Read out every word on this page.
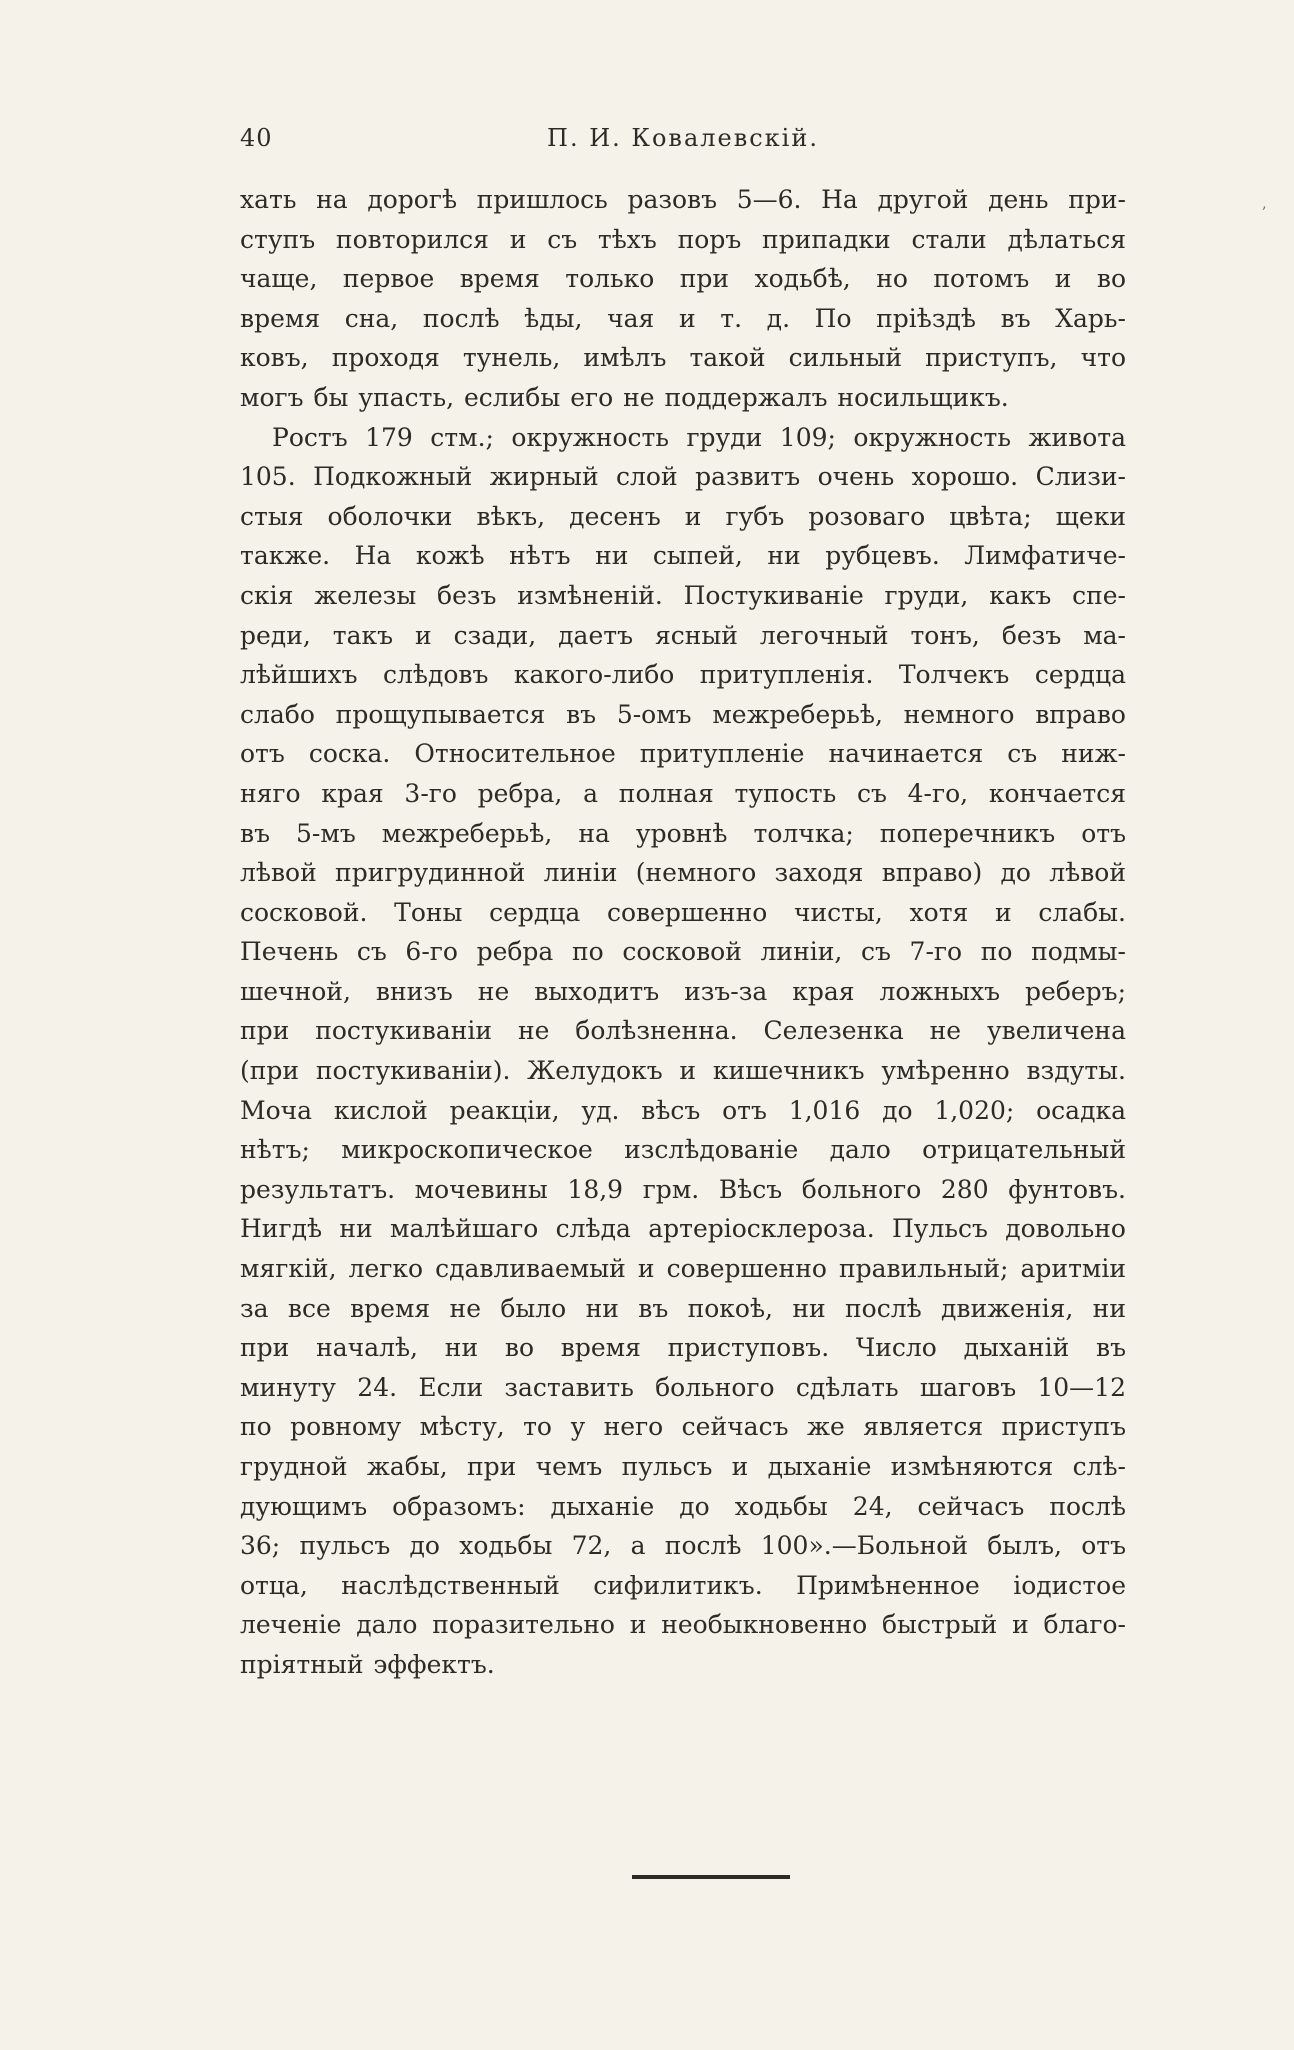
40	П. И. Ковалевскій.
‚
хать на дорогѣ пришлось разовъ 5—6. На другой день при-
ступъ повторился и съ тѣхъ поръ припадки стали дѣлаться
чаще, первое время только при ходьбѣ, но потомъ и во
время сна, послѣ ѣды, чая и т. д. По пріѣздѣ въ Харь-
ковъ, проходя тунель, имѣлъ такой сильный приступъ, что
могъ бы упасть, еслибы его не поддержалъ носильщикъ.
Ростъ 179 стм.; окружность груди 109; окружность живота
105. Подкожный жирный слой развитъ очень хорошо. Слизи-
стыя оболочки вѣкъ, десенъ и губъ розоваго цвѣта; щеки
также. На кожѣ нѣтъ ни сыпей, ни рубцевъ. Лимфатиче-
скія железы безъ измѣненій. Постукиваніе груди, какъ спе-
реди, такъ и сзади, даетъ ясный легочный тонъ, безъ ма-
лѣйшихъ слѣдовъ какого-либо притупленія. Толчекъ сердца
слабо прощупывается въ 5-омъ межреберьѣ, немного вправо
отъ соска. Относительное притупленіе начинается съ ниж-
няго края 3-го ребра, а полная тупость съ 4-го, кончается
въ 5-мъ межреберьѣ, на уровнѣ толчка; поперечникъ отъ
лѣвой пригрудинной линіи (немного заходя вправо) до лѣвой
сосковой. Тоны сердца совершенно чисты, хотя и слабы.
Печень съ 6-го ребра по сосковой линіи, съ 7-го по подмы-
шечной, внизъ не выходитъ изъ-за края ложныхъ реберъ;
при постукиваніи не болѣзненна. Селезенка не увеличена
(при постукиваніи). Желудокъ и кишечникъ умѣренно вздуты.
Моча кислой реакціи, уд. вѣсъ отъ 1,016 до 1,020; осадка
нѣтъ; микроскопическое изслѣдованіе дало отрицательный
результатъ. мочевины 18,9 грм. Вѣсъ больного 280 фунтовъ.
Нигдѣ ни малѣйшаго слѣда артеріосклероза. Пульсъ довольно
мягкій, легко сдавливаемый и совершенно правильный; аритміи
за все время не было ни въ покоѣ, ни послѣ движенія, ни
при началѣ, ни во время приступовъ. Число дыханій въ
минуту 24. Если заставить больного сдѣлать шаговъ 10—12
по ровному мѣсту, то у него сейчасъ же является приступъ
грудной жабы, при чемъ пульсъ и дыханіе измѣняются слѣ-
дующимъ образомъ: дыханіе до ходьбы 24, сейчасъ послѣ
36; пульсъ до ходьбы 72, а послѣ 100».—Больной былъ, отъ
отца, наслѣдственный сифилитикъ. Примѣненное іодистое
леченіе дало поразительно и необыкновенно быстрый и благо-
пріятный эффектъ.
